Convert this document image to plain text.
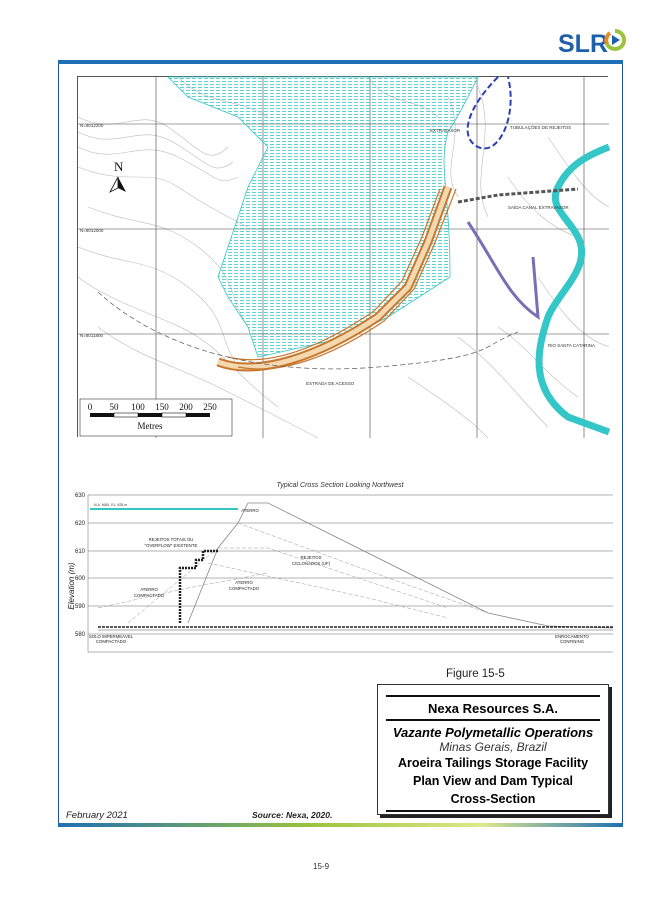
SLR
N
EXTRAVASOR
TUBULAÇÕES DE REJEITOS
SAÍDA CANAL EXTRAVASOR
ESTRADA DE ACESSO
RIO SANTA CATARINA
N=8012200
N=8012000
N=8011800
0 50 100 150 200 250
Metres
Typical Cross Section Looking Northwest
Elevation (m)
630
620
610
600
590
580
N.A. MÁX. EL. 625 m
ATERRO
REJEITOS TOTAIS OU
"OVERFLOW" EXISTENTE
REJEITOS
CICLONADOS (UF)
ATERRO
COMPACTADO
ATERRO
COMPACTADO
SOLO IMPERMEÁVEL
COMPACTADO
ENROCAMENTO
CONFINING
Figure 15-5
Nexa Resources S.A.
Vazante Polymetallic Operations
Minas Gerais, Brazil
Aroeira Tailings Storage Facility
Plan View and Dam Typical
Cross-Section
February 2021	Source: Nexa, 2020.
15-9
